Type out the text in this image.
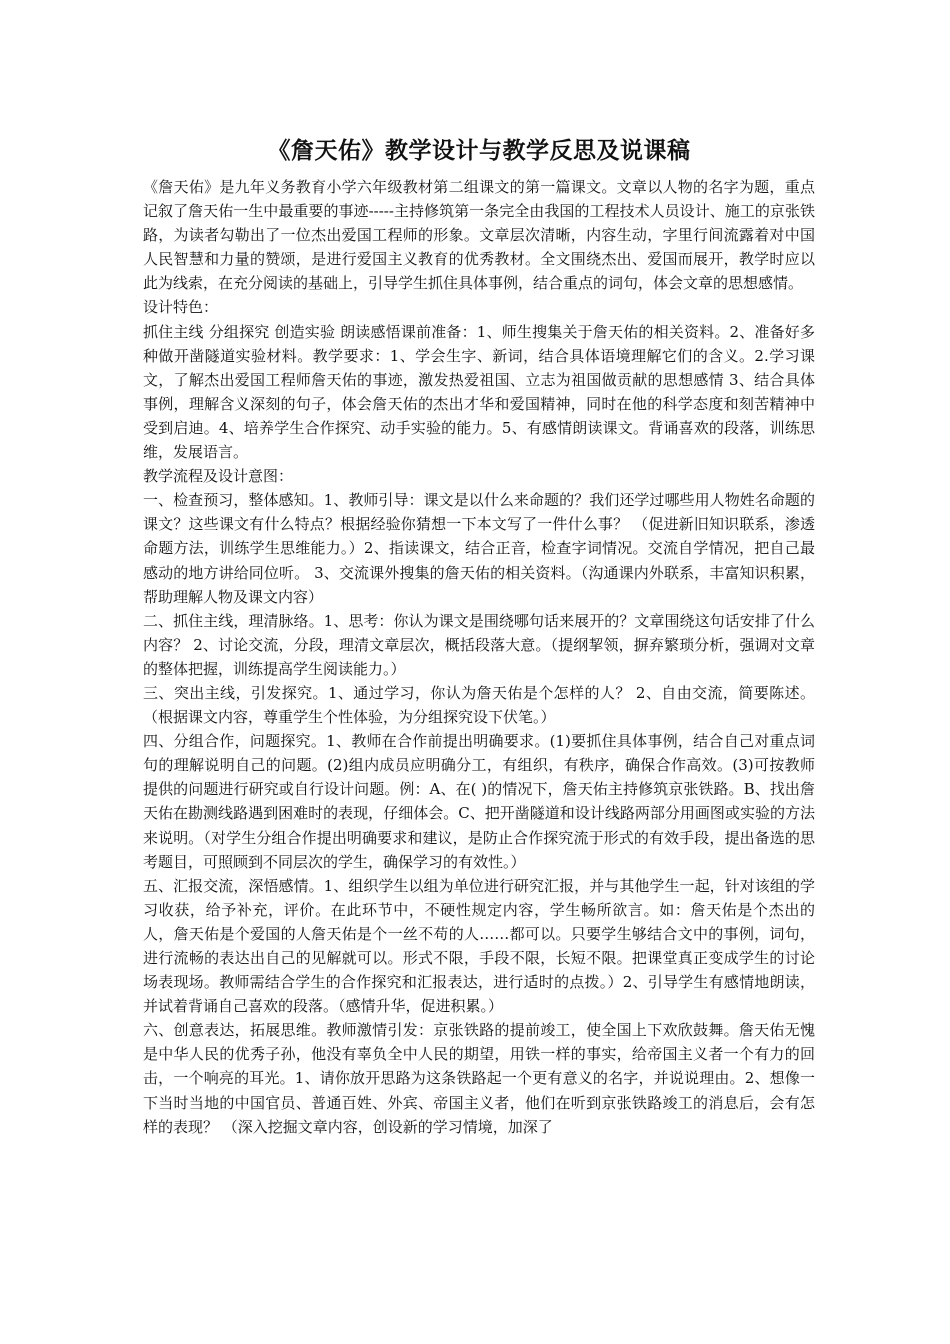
《詹天佑》教学设计与教学反思及说课稿

《詹天佑》是九年义务教育小学六年级教材第二组课文的第一篇课文。文章以人物的名字为题，重点记叙了詹天佑一生中最重要的事迹-----主持修筑第一条完全由我国的工程技术人员设计、施工的京张铁路，为读者勾勒出了一位杰出爱国工程师的形象。文章层次清晰，内容生动，字里行间流露着对中国人民智慧和力量的赞颂，是进行爱国主义教育的优秀教材。全文围绕杰出、爱国而展开，教学时应以此为线索，在充分阅读的基础上，引导学生抓住具体事例，结合重点的词句，体会文章的思想感情。

设计特色：

抓住主线 分组探究 创造实验 朗读感悟课前准备：1、师生搜集关于詹天佑的相关资料。2、准备好多种做开凿隧道实验材料。教学要求：1、学会生字、新词，结合具体语境理解它们的含义。2.学习课文，了解杰出爱国工程师詹天佑的事迹，激发热爱祖国、立志为祖国做贡献的思想感情 3、结合具体事例，理解含义深刻的句子，体会詹天佑的杰出才华和爱国精神，同时在他的科学态度和刻苦精神中受到启迪。4、培养学生合作探究、动手实验的能力。5、有感情朗读课文。背诵喜欢的段落，训练思维，发展语言。

教学流程及设计意图：

一、检查预习，整体感知。1、教师引导：课文是以什么来命题的？我们还学过哪些用人物姓名命题的课文？这些课文有什么特点？根据经验你猜想一下本文写了一件什么事？ （促进新旧知识联系，渗透命题方法，训练学生思维能力。）2、指读课文，结合正音，检查字词情况。交流自学情况，把自己最感动的地方讲给同位听。 3、交流课外搜集的詹天佑的相关资料。（沟通课内外联系，丰富知识积累，帮助理解人物及课文内容）

二、抓住主线，理清脉络。1、思考：你认为课文是围绕哪句话来展开的？文章围绕这句话安排了什么内容？ 2、讨论交流，分段，理清文章层次，概括段落大意。（提纲挈领，摒弃繁琐分析，强调对文章的整体把握，训练提高学生阅读能力。）

三、突出主线，引发探究。1、通过学习，你认为詹天佑是个怎样的人？ 2、自由交流，简要陈述。 （根据课文内容，尊重学生个性体验，为分组探究设下伏笔。）

四、分组合作，问题探究。1、教师在合作前提出明确要求。(1)要抓住具体事例，结合自己对重点词句的理解说明自己的问题。(2)组内成员应明确分工，有组织，有秩序，确保合作高效。(3)可按教师提供的问题进行研究或自行设计问题。例：A、在( )的情况下，詹天佑主持修筑京张铁路。B、找出詹天佑在勘测线路遇到困难时的表现，仔细体会。C、把开凿隧道和设计线路两部分用画图或实验的方法来说明。（对学生分组合作提出明确要求和建议，是防止合作探究流于形式的有效手段，提出备选的思考题目，可照顾到不同层次的学生，确保学习的有效性。）

五、汇报交流，深悟感情。1、组织学生以组为单位进行研究汇报，并与其他学生一起，针对该组的学习收获，给予补充，评价。在此环节中，不硬性规定内容，学生畅所欲言。如：詹天佑是个杰出的人，詹天佑是个爱国的人詹天佑是个一丝不苟的人……都可以。只要学生够结合文中的事例，词句，进行流畅的表达出自己的见解就可以。形式不限，手段不限，长短不限。把课堂真正变成学生的讨论场表现场。教师需结合学生的合作探究和汇报表达，进行适时的点拨。）2、引导学生有感情地朗读，并试着背诵自己喜欢的段落。（感情升华，促进积累。）

六、创意表达，拓展思维。教师激情引发：京张铁路的提前竣工，使全国上下欢欣鼓舞。詹天佑无愧是中华人民的优秀子孙，他没有辜负全中人民的期望，用铁一样的事实，给帝国主义者一个有力的回击，一个响亮的耳光。1、请你放开思路为这条铁路起一个更有意义的名字，并说说理由。2、想像一下当时当地的中国官员、普通百姓、外宾、帝国主义者，他们在听到京张铁路竣工的消息后，会有怎样的表现？ （深入挖掘文章内容，创设新的学习情境，加深了
